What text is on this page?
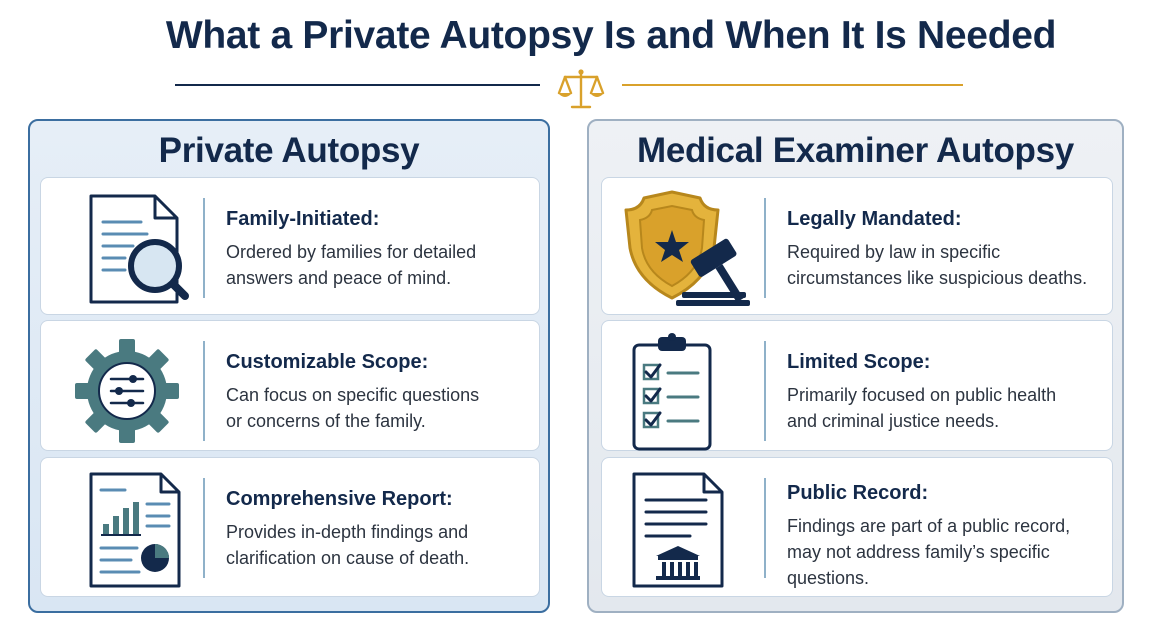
What a Private Autopsy Is and When It Is Needed
Private Autopsy
Family-Initiated:
Ordered by families for detailed
answers and peace of mind.
Customizable Scope:
Can focus on specific questions
or concerns of the family.
Comprehensive Report:
Provides in-depth findings and
clarification on cause of death.
Medical Examiner Autopsy
Legally Mandated:
Required by law in specific
circumstances like suspicious deaths.
Limited Scope:
Primarily focused on public health
and criminal justice needs.
Public Record:
Findings are part of a public record,
may not address family’s specific
questions.
